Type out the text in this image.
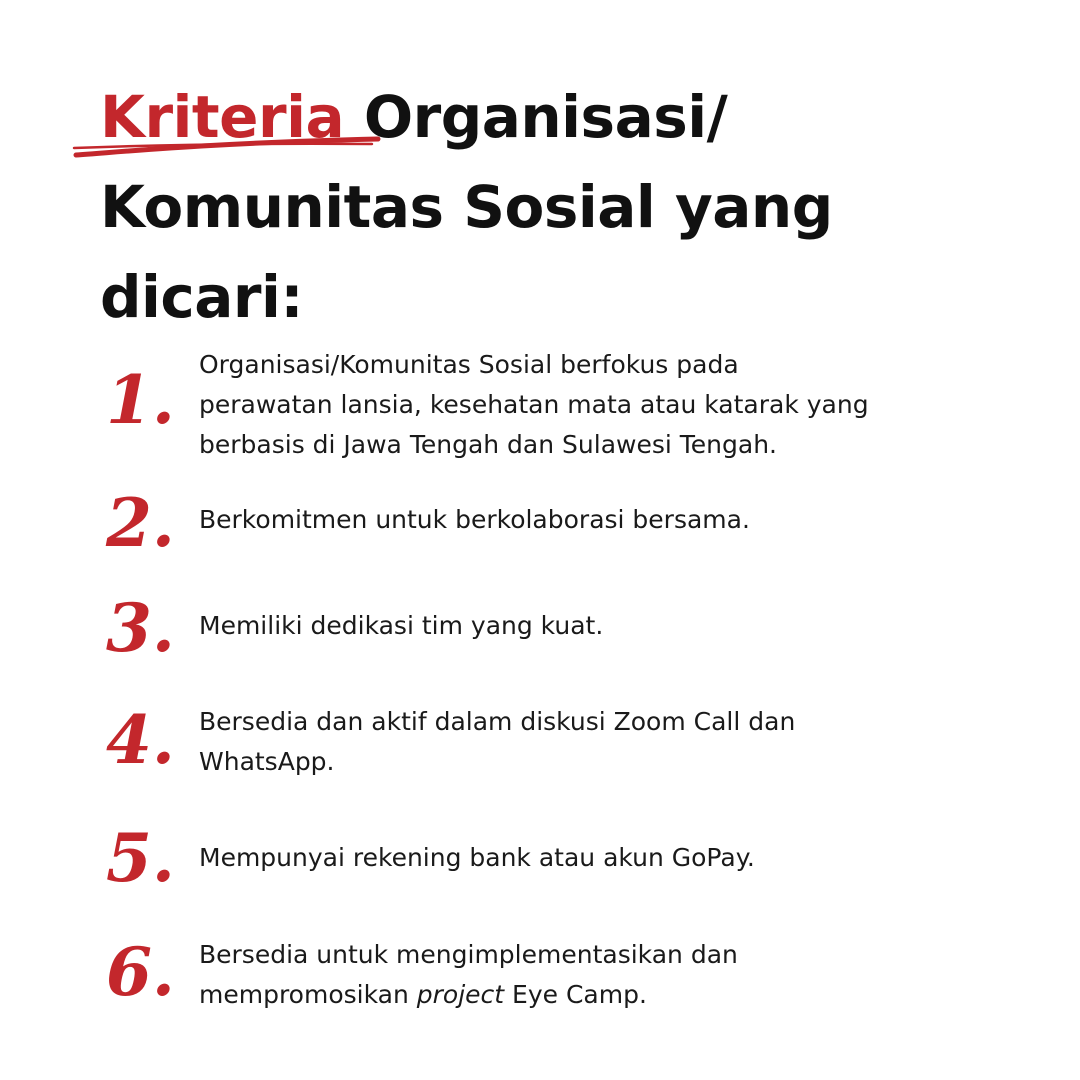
Kriteria Organisasi/
Komunitas Sosial yang
dicari:
1. Organisasi/Komunitas Sosial berfokus pada
perawatan lansia, kesehatan mata atau katarak yang
berbasis di Jawa Tengah dan Sulawesi Tengah.
2. Berkomitmen untuk berkolaborasi bersama.
3. Memiliki dedikasi tim yang kuat.
4. Bersedia dan aktif dalam diskusi Zoom Call dan
WhatsApp.
5. Mempunyai rekening bank atau akun GoPay.
6. Bersedia untuk mengimplementasikan dan
mempromosikan project Eye Camp.
